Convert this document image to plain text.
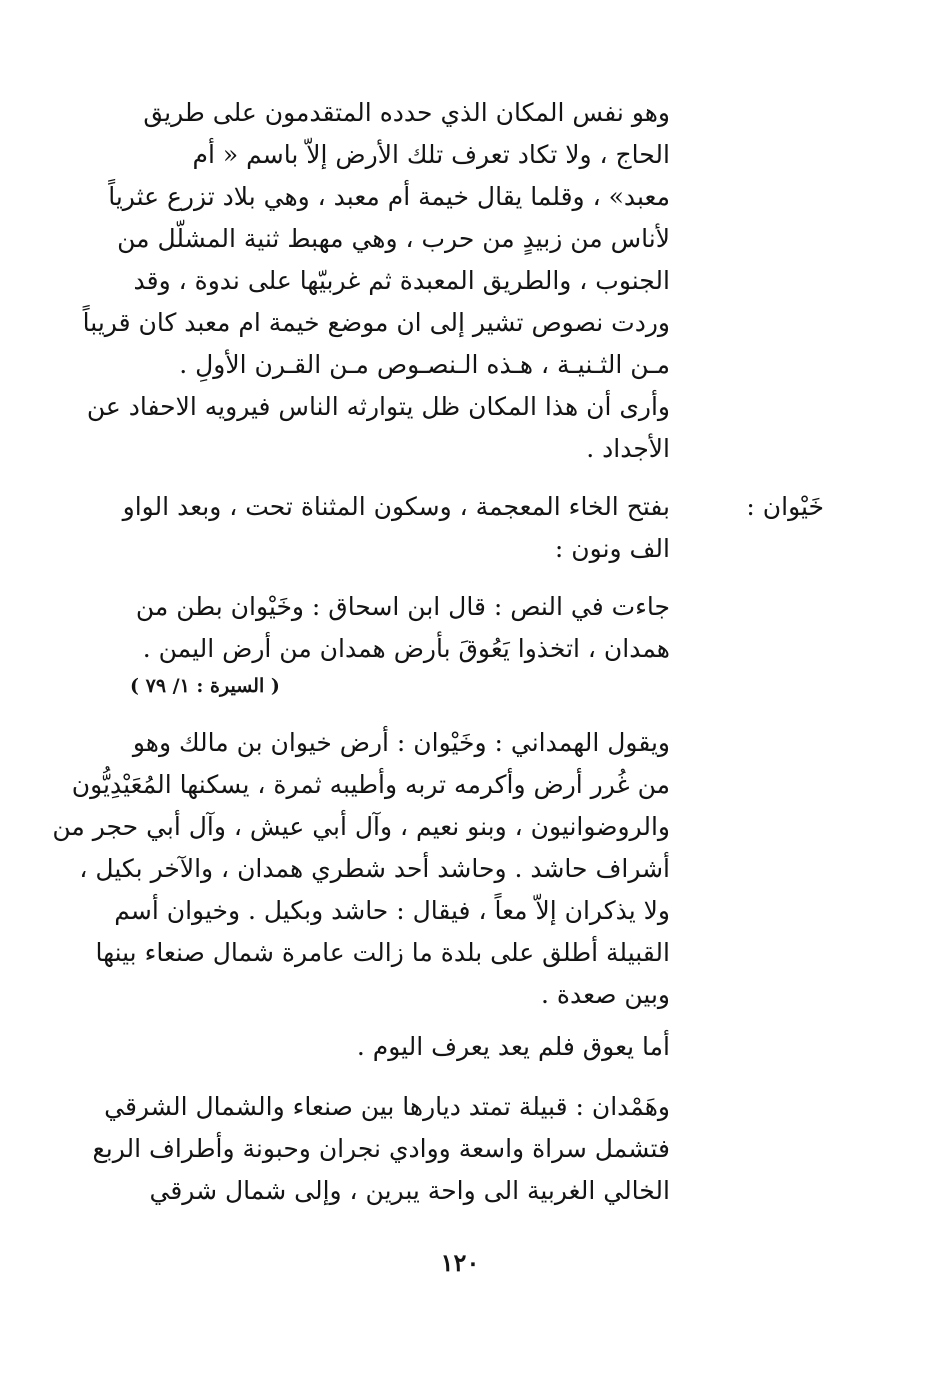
وهو نفس المكان الذي حدده المتقدمون على طريق
الحاج ، ولا تكاد تعرف تلك الأرض إلاّ باسم « أم
معبد» ، وقلما يقال خيمة أم معبد ، وهي بلاد تزرع عثرياً
لأناس من زبيدٍ من حرب ، وهي مهبط ثنية المشلّل من
الجنوب ، والطريق المعبدة ثم غربيّها على ندوة ، وقد
وردت نصوص تشير إلى ان موضع خيمة ام معبد كان قريباً
مـن الثـنيـة ، هـذه الـنصـوص مـن القـرن الأولِ .
وأرى أن هذا المكان ظل يتوارثه الناس فيرويه الاحفاد عن
الأجداد .
خَيْوان :
بفتح الخاء المعجمة ، وسكون المثناة تحت ، وبعد الواو
الف ونون :
جاءت في النص : قال ابن اسحاق : وخَيْوان بطن من
همدان ، اتخذوا يَعُوقَ بأرض همدان من أرض اليمن .
( السيرة : ١/ ٧٩ )
ويقول الهمداني : وخَيْوان : أرض خيوان بن مالك وهو
من غُرر أرض وأكرمه تربه وأطيبه ثمرة ، يسكنها المُعَيْدِيُّون
والروضوانيون ، وبنو نعيم ، وآل أبي عيش ، وآل أبي حجر من
أشراف حاشد . وحاشد أحد شطري همدان ، والآخر بكيل ،
ولا يذكران إلاّ معاً ، فيقال : حاشد وبكيل . وخيوان أسم
القبيلة أطلق على بلدة ما زالت عامرة شمال صنعاء بينها
وبين صعدة .
أما يعوق فلم يعد يعرف اليوم .
وهَمْدان : قبيلة تمتد ديارها بين صنعاء والشمال الشرقي
فتشمل سراة واسعة ووادي نجران وحبونة وأطراف الربع
الخالي الغربية الى واحة يبرين ، وإلى شمال شرقي
١٢٠
